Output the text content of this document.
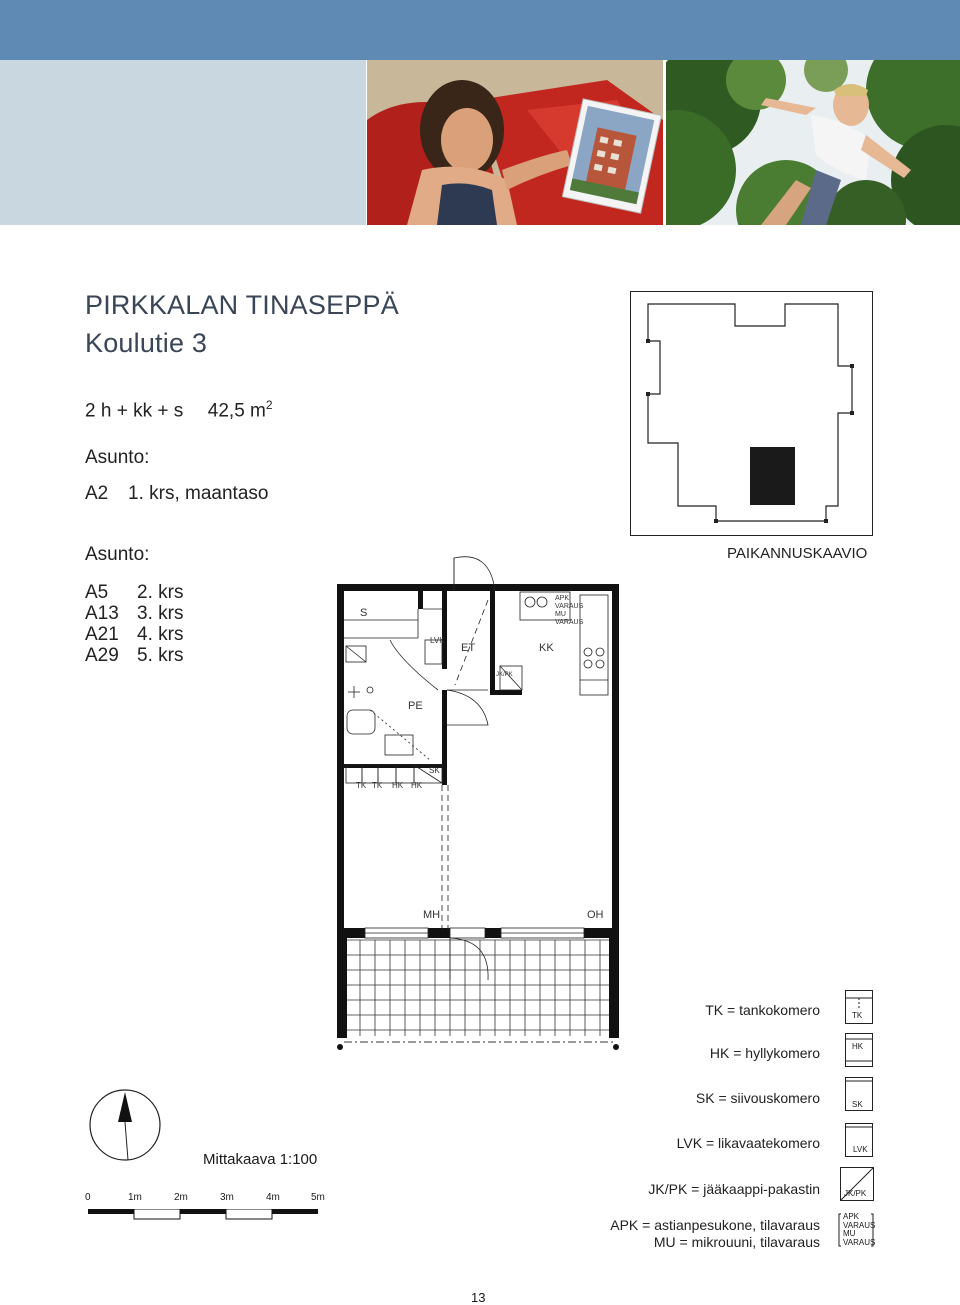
PIRKKALAN TINASEPPÄ
Koulutie 3
2 h + kk + s 42,5 $m^2$
Asunto:
A2 1. krs, maantaso
Asunto:
A5 2. krs
A13 3. krs
A21 4. krs
A29 5. krs
PAIKANNUSKAAVIO
S
LVK
ET	KK
APK
VARAUS
MU
VARAUS
JK/PK
PE
SK
TK TK HK HK
MH	OH
Mittakaava 1:100
0	1m	2m	3m	4m	5m
TK = tankokomero	TK
HK = hyllykomero	HK
SK = siivouskomero	SK
LVK = likavaatekomero	LVK
JK/PK = jääkaappi-pakastin	JK/PK
APK = astianpesukone, tilavaraus
MU = mikrouuni, tilavaraus
APK
VARAUS
MU
VARAUS
13
